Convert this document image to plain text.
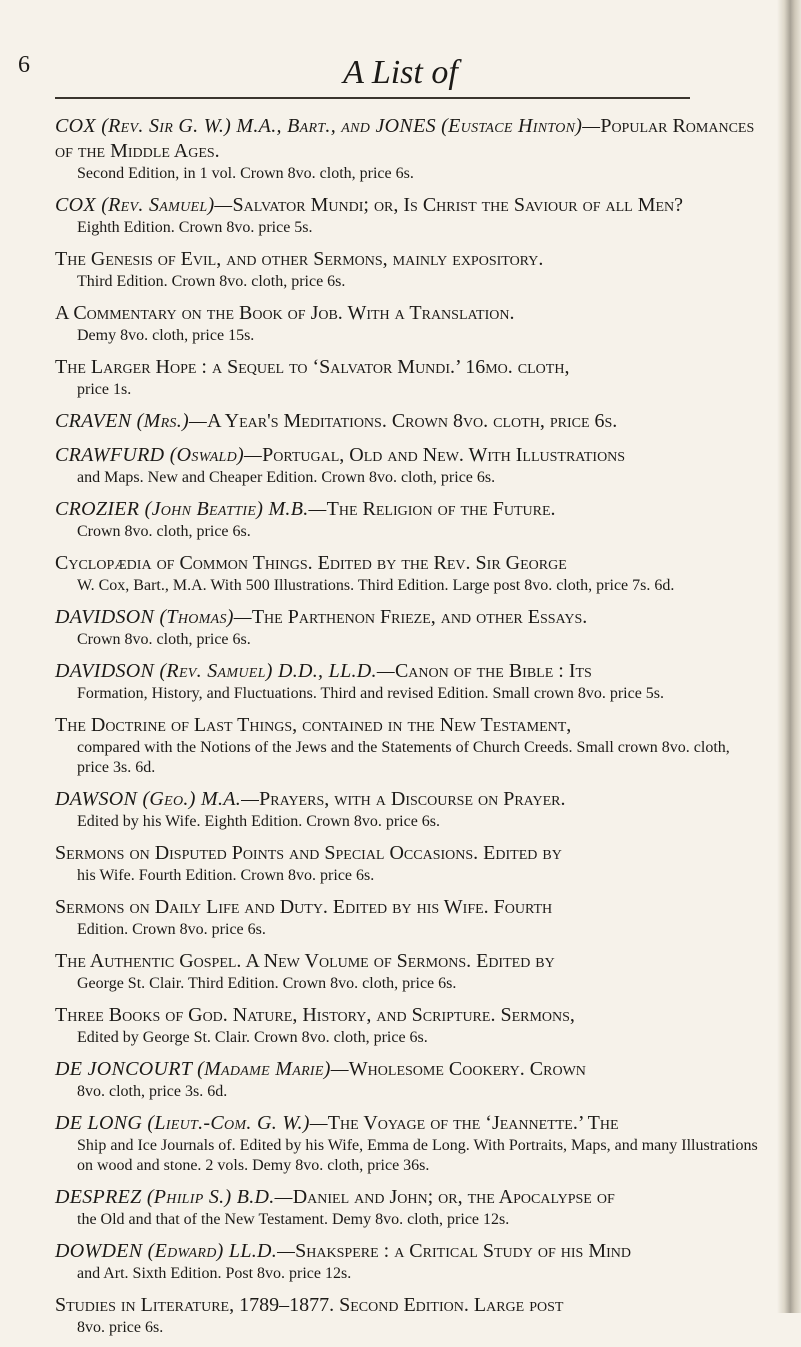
6	A List of
COX (Rev. Sir G. W.) M.A., Bart., and JONES (Eustace Hinton)—Popular Romances of the Middle Ages.
Second Edition, in 1 vol. Crown 8vo. cloth, price 6s.
COX (Rev. Samuel)—Salvator Mundi; or, Is Christ the Saviour of all Men?
Eighth Edition. Crown 8vo. price 5s.
The Genesis of Evil, and other Sermons, mainly expository.
Third Edition. Crown 8vo. cloth, price 6s.
A Commentary on the Book of Job. With a Translation.
Demy 8vo. cloth, price 15s.
The Larger Hope : a Sequel to ‘Salvator Mundi.’ 16mo. cloth,
price 1s.
CRAVEN (Mrs.)—A Year's Meditations. Crown 8vo. cloth, price 6s.
CRAWFURD (Oswald)—Portugal, Old and New. With Illustrations
and Maps. New and Cheaper Edition. Crown 8vo. cloth, price 6s.
CROZIER (John Beattie) M.B.—The Religion of the Future.
Crown 8vo. cloth, price 6s.
Cyclopædia of Common Things. Edited by the Rev. Sir George
W. Cox, Bart., M.A. With 500 Illustrations. Third Edition. Large post 8vo. cloth, price 7s. 6d.
DAVIDSON (Thomas)—The Parthenon Frieze, and other Essays.
Crown 8vo. cloth, price 6s.
DAVIDSON (Rev. Samuel) D.D., LL.D.—Canon of the Bible : Its
Formation, History, and Fluctuations. Third and revised Edition. Small crown 8vo. price 5s.
The Doctrine of Last Things, contained in the New Testament,
compared with the Notions of the Jews and the Statements of Church Creeds. Small crown 8vo. cloth, price 3s. 6d.
DAWSON (Geo.) M.A.—Prayers, with a Discourse on Prayer.
Edited by his Wife. Eighth Edition. Crown 8vo. price 6s.
Sermons on Disputed Points and Special Occasions. Edited by
his Wife. Fourth Edition. Crown 8vo. price 6s.
Sermons on Daily Life and Duty. Edited by his Wife. Fourth
Edition. Crown 8vo. price 6s.
The Authentic Gospel. A New Volume of Sermons. Edited by
George St. Clair. Third Edition. Crown 8vo. cloth, price 6s.
Three Books of God. Nature, History, and Scripture. Sermons,
Edited by George St. Clair. Crown 8vo. cloth, price 6s.
DE JONCOURT (Madame Marie)—Wholesome Cookery. Crown
8vo. cloth, price 3s. 6d.
DE LONG (Lieut.-Com. G. W.)—The Voyage of the ‘Jeannette.’ The
Ship and Ice Journals of. Edited by his Wife, Emma de Long. With Portraits, Maps, and many Illustrations on wood and stone. 2 vols. Demy 8vo. cloth, price 36s.
DESPREZ (Philip S.) B.D.—Daniel and John; or, the Apocalypse of
the Old and that of the New Testament. Demy 8vo. cloth, price 12s.
DOWDEN (Edward) LL.D.—Shakspere : a Critical Study of his Mind
and Art. Sixth Edition. Post 8vo. price 12s.
Studies in Literature, 1789–1877. Second Edition. Large post
8vo. price 6s.
